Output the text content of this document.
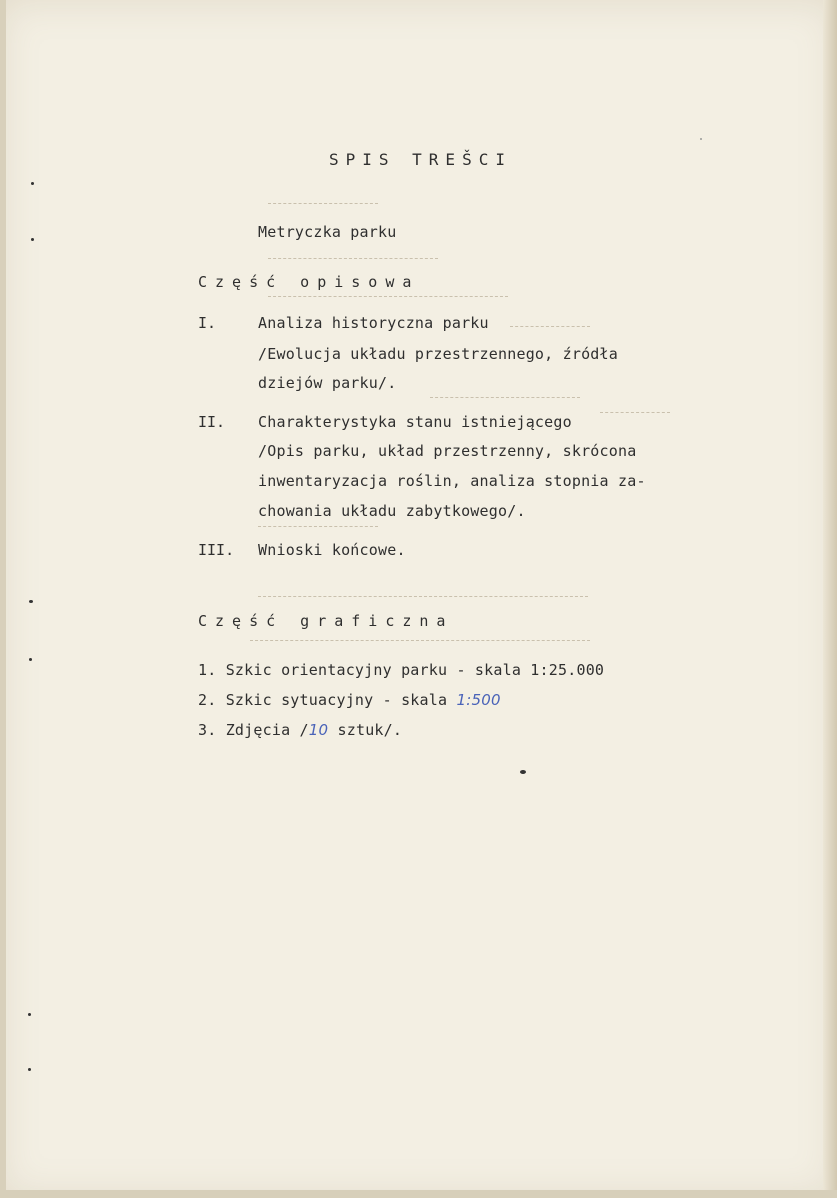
SPIS TREŠCI
Metryczka parku
Część opisowa
I.	Analiza historyczna parku
/Ewolucja układu przestrzennego, źródła
dziejów parku/.
II. Charakterystyka stanu istniejącego
/Opis parku, układ przestrzenny, skrócona
inwentaryzacja roślin, analiza stopnia za-
chowania układu zabytkowego/.
III. Wnioski końcowe.
Część graficzna
1. Szkic orientacyjny parku - skala 1:25.000
2. Szkic sytuacyjny - skala 1:500
3. Zdjęcia /10 sztuk/.
